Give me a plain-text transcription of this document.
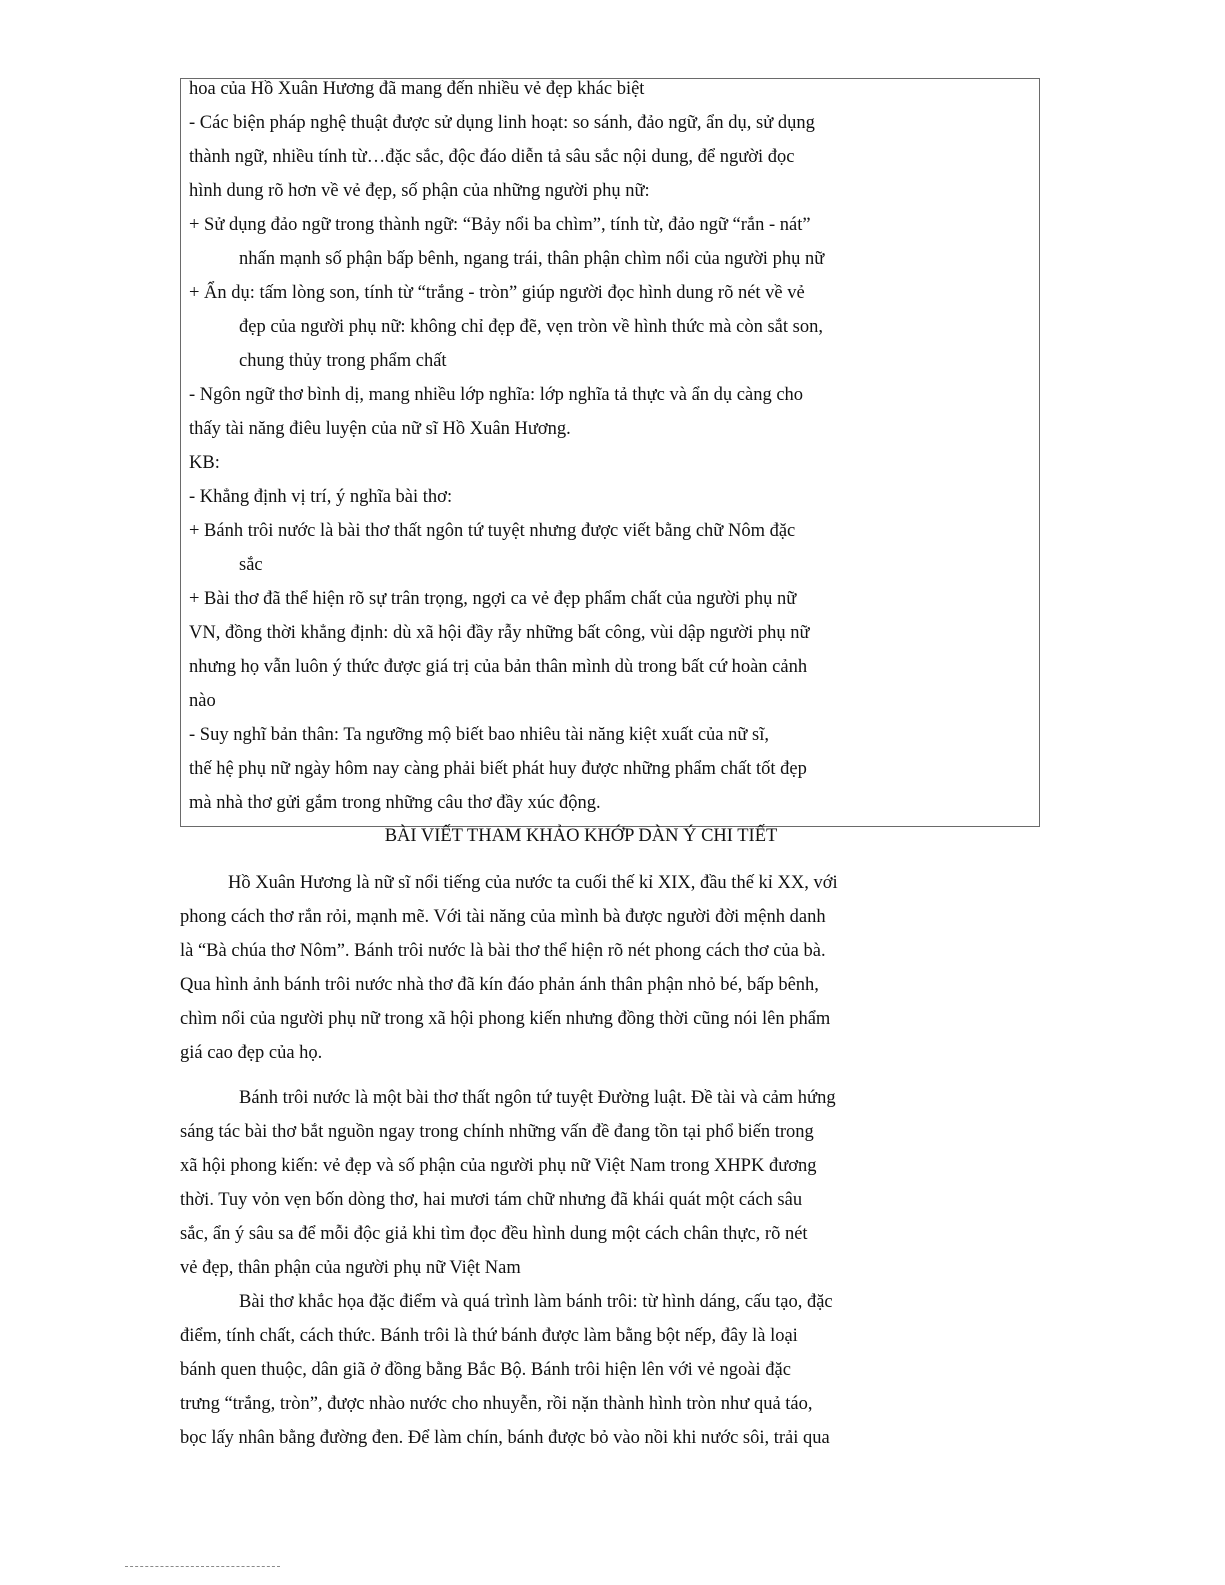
hoa của Hồ Xuân Hương đã mang đến nhiều vẻ đẹp khác biệt
- Các biện pháp nghệ thuật được sử dụng linh hoạt: so sánh, đảo ngữ, ẩn dụ, sử dụng
thành ngữ, nhiều tính từ…đặc sắc, độc đáo diễn tả sâu sắc nội dung, để người đọc
hình dung rõ hơn về vẻ đẹp, số phận của những người phụ nữ:
+ Sử dụng đảo ngữ trong thành ngữ: “Bảy nổi ba chìm”, tính từ, đảo ngữ “rắn - nát”
nhấn mạnh số phận bấp bênh, ngang trái, thân phận chìm nổi của người phụ nữ
+ Ẩn dụ: tấm lòng son, tính từ “trắng - tròn” giúp người đọc hình dung rõ nét về vẻ
đẹp của người phụ nữ: không chỉ đẹp đẽ, vẹn tròn về hình thức mà còn sắt son,
chung thủy trong phẩm chất
- Ngôn ngữ thơ bình dị, mang nhiều lớp nghĩa: lớp nghĩa tả thực và ẩn dụ càng cho
thấy tài năng điêu luyện của nữ sĩ Hồ Xuân Hương.
KB:
- Khẳng định vị trí, ý nghĩa bài thơ:
+ Bánh trôi nước là bài thơ thất ngôn tứ tuyệt nhưng được viết bằng chữ Nôm đặc
sắc
+ Bài thơ đã thể hiện rõ sự trân trọng, ngợi ca vẻ đẹp phẩm chất của người phụ nữ
VN, đồng thời khẳng định: dù xã hội đầy rẫy những bất công, vùi dập người phụ nữ
nhưng họ vẫn luôn ý thức được giá trị của bản thân mình dù trong bất cứ hoàn cảnh
nào
- Suy nghĩ bản thân: Ta ngưỡng mộ biết bao nhiêu tài năng kiệt xuất của nữ sĩ,
thế hệ phụ nữ ngày hôm nay càng phải biết phát huy được những phẩm chất tốt đẹp
mà nhà thơ gửi gắm trong những câu thơ đầy xúc động.
BÀI VIẾT THAM KHẢO KHỚP DÀN Ý CHI TIẾT
Hồ Xuân Hương là nữ sĩ nổi tiếng của nước ta cuối thế kỉ XIX, đầu thế kỉ XX, với
phong cách thơ rắn rỏi, mạnh mẽ. Với tài năng của mình bà được người đời mệnh danh
là “Bà chúa thơ Nôm”. Bánh trôi nước là bài thơ thể hiện rõ nét phong cách thơ của bà.
Qua hình ảnh bánh trôi nước nhà thơ đã kín đáo phản ánh thân phận nhỏ bé, bấp bênh,
chìm nổi của người phụ nữ trong xã hội phong kiến nhưng đồng thời cũng nói lên phẩm
giá cao đẹp của họ.
Bánh trôi nước là một bài thơ thất ngôn tứ tuyệt Đường luật. Đề tài và cảm hứng
sáng tác bài thơ bắt nguồn ngay trong chính những vấn đề đang tồn tại phổ biến trong
xã hội phong kiến: vẻ đẹp và số phận của người phụ nữ Việt Nam trong XHPK đương
thời. Tuy vỏn vẹn bốn dòng thơ, hai mươi tám chữ nhưng đã khái quát một cách sâu
sắc, ẩn ý sâu sa để mỗi độc giả khi tìm đọc đều hình dung một cách chân thực, rõ nét
vẻ đẹp, thân phận của người phụ nữ Việt Nam
Bài thơ khắc họa đặc điểm và quá trình làm bánh trôi: từ hình dáng, cấu tạo, đặc
điểm, tính chất, cách thức. Bánh trôi là thứ bánh được làm bằng bột nếp, đây là loại
bánh quen thuộc, dân giã ở đồng bằng Bắc Bộ. Bánh trôi hiện lên với vẻ ngoài đặc
trưng “trắng, tròn”, được nhào nước cho nhuyễn, rồi nặn thành hình tròn như quả táo,
bọc lấy nhân bằng đường đen. Để làm chín, bánh được bỏ vào nồi khi nước sôi, trải qua
